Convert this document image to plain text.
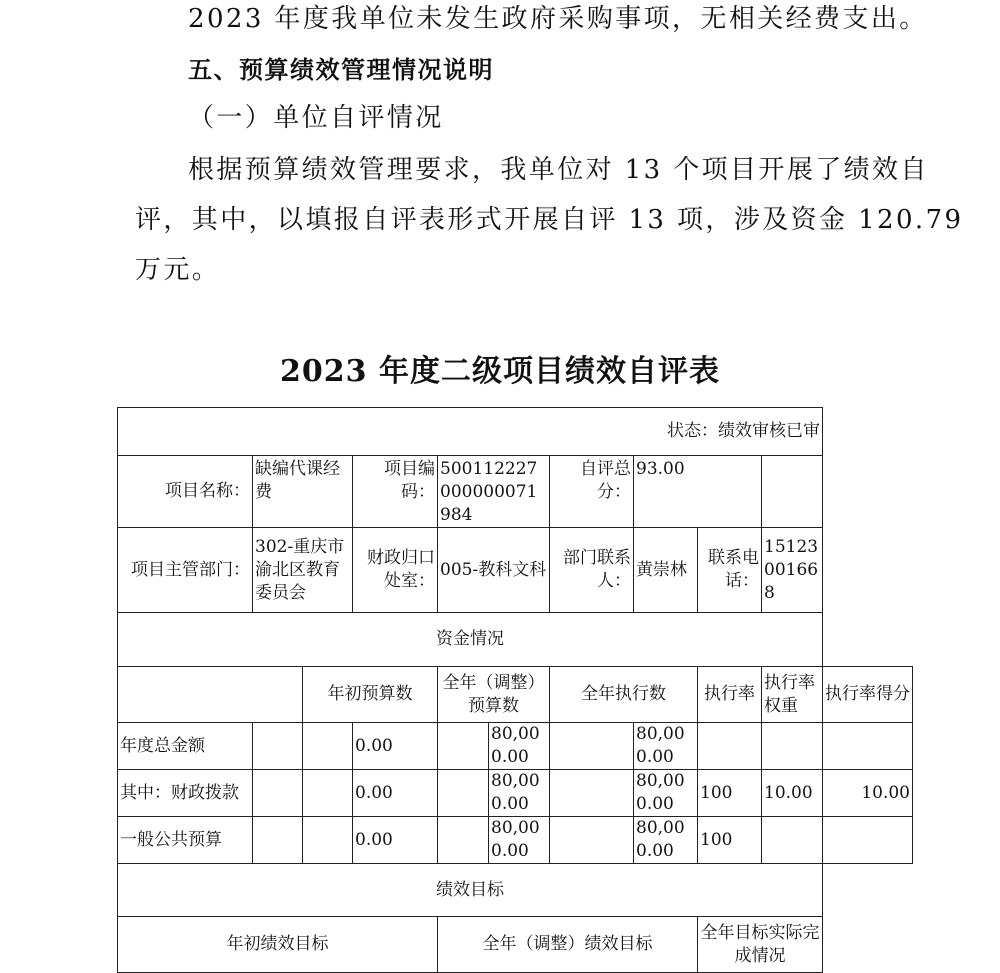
2023 年度我单位未发生政府采购事项，无相关经费支出。
五、预算绩效管理情况说明
（一）单位自评情况
根据预算绩效管理要求，我单位对 13 个项目开展了绩效自
评，其中，以填报自评表形式开展自评 13 项，涉及资金 120.79
万元。
2023 年度二级项目绩效自评表
状态：绩效审核已审										
项目名称：	缺编代课经费		项目编码：	500112227000000071984		自评总分：	93.00			
项目主管部门：	302-重庆市渝北区教育委员会		财政归口处室：	005-教科文科		部门联系人：	黄崇林	联系电话：	15123001668	
资金情况										
		年初预算数		全年（调整）预算数		全年执行数		执行率	执行率权重	执行率得分
年度总金额			0.00		80,000.00		80,000.00			
其中：财政拨款			0.00		80,000.00		80,000.00	100	10.00	10.00
一般公共预算			0.00		80,000.00		80,000.00	100		
绩效目标										
年初绩效目标				全年（调整）绩效目标				全年目标实际完成情况		
